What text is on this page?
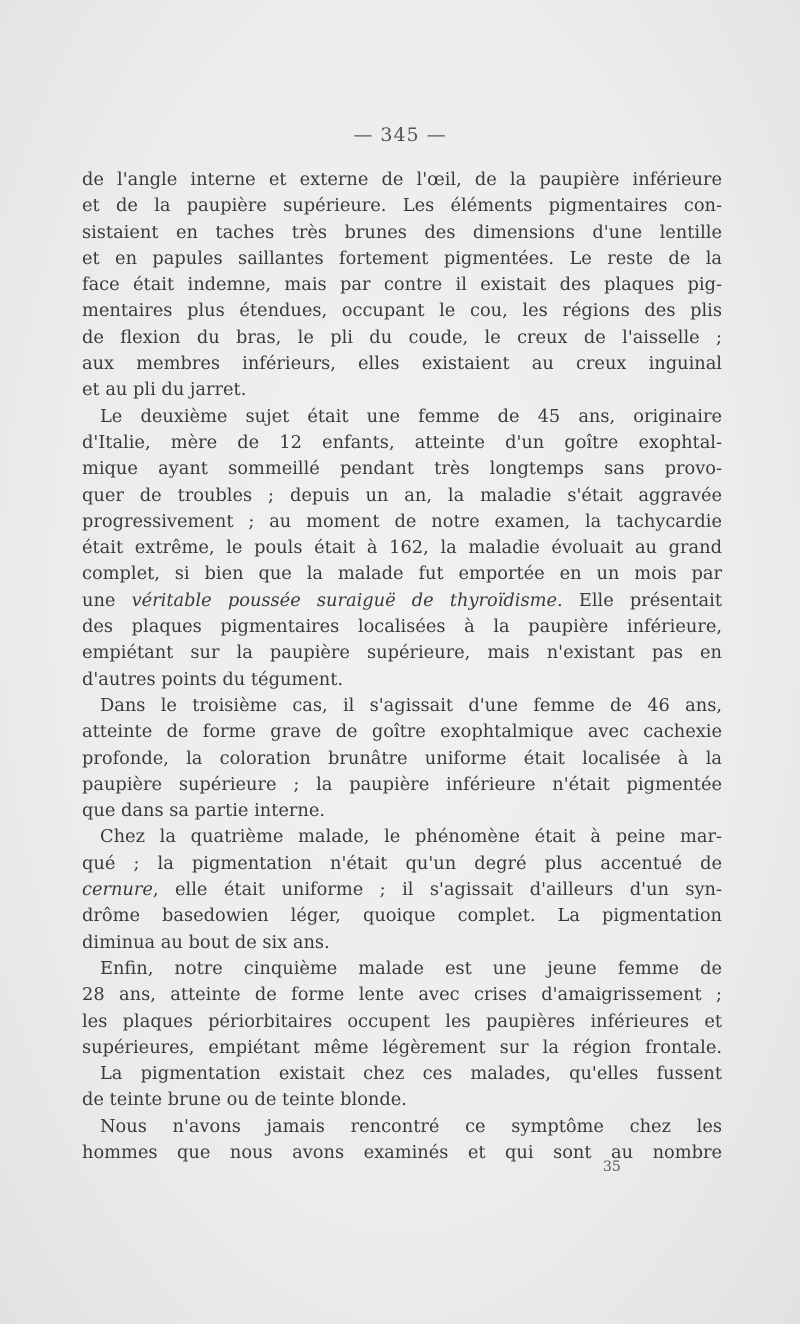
— 345 —
de l'angle interne et externe de l'œil, de la paupière inférieure
et de la paupière supérieure. Les éléments pigmentaires con-
sistaient en taches très brunes des dimensions d'une lentille
et en papules saillantes fortement pigmentées. Le reste de la
face était indemne, mais par contre il existait des plaques pig-
mentaires plus étendues, occupant le cou, les régions des plis
de flexion du bras, le pli du coude, le creux de l'aisselle ;
aux membres inférieurs, elles existaient au creux inguinal
et au pli du jarret.
Le deuxième sujet était une femme de 45 ans, originaire
d'Italie, mère de 12 enfants, atteinte d'un goître exophtal-
mique ayant sommeillé pendant très longtemps sans provo-
quer de troubles ; depuis un an, la maladie s'était aggravée
progressivement ; au moment de notre examen, la tachycardie
était extrême, le pouls était à 162, la maladie évoluait au grand
complet, si bien que la malade fut emportée en un mois par
une véritable poussée suraiguë de thyroïdisme. Elle présentait
des plaques pigmentaires localisées à la paupière inférieure,
empiétant sur la paupière supérieure, mais n'existant pas en
d'autres points du tégument.
Dans le troisième cas, il s'agissait d'une femme de 46 ans,
atteinte de forme grave de goître exophtalmique avec cachexie
profonde, la coloration brunâtre uniforme était localisée à la
paupière supérieure ; la paupière inférieure n'était pigmentée
que dans sa partie interne.
Chez la quatrième malade, le phénomène était à peine mar-
qué ; la pigmentation n'était qu'un degré plus accentué de
cernure, elle était uniforme ; il s'agissait d'ailleurs d'un syn-
drôme basedowien léger, quoique complet. La pigmentation
diminua au bout de six ans.
Enfin, notre cinquième malade est une jeune femme de
28 ans, atteinte de forme lente avec crises d'amaigrissement ;
les plaques périorbitaires occupent les paupières inférieures et
supérieures, empiétant même légèrement sur la région frontale.
La pigmentation existait chez ces malades, qu'elles fussent
de teinte brune ou de teinte blonde.
Nous n'avons jamais rencontré ce symptôme chez les
hommes que nous avons examinés et qui sont au nombre
35
